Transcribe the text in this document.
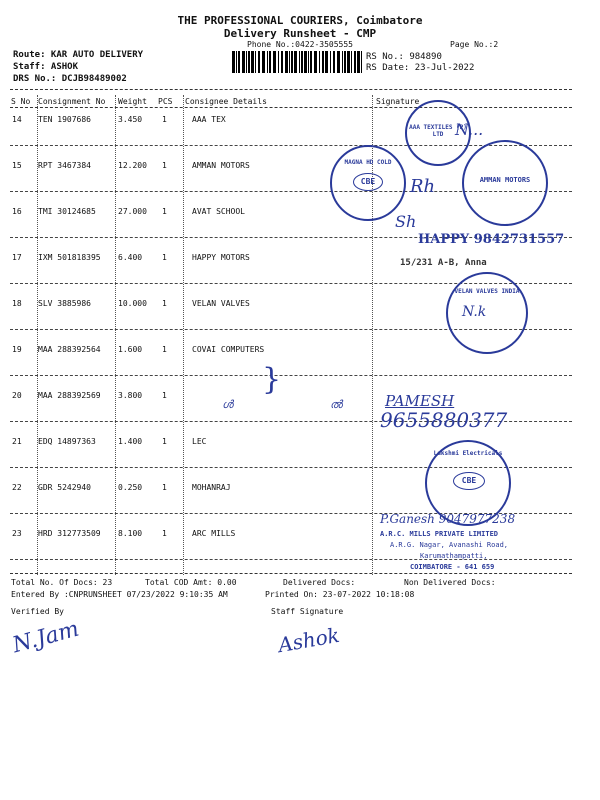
THE PROFESSIONAL COURIERS, Coimbatore
Delivery Runsheet - CMP
Phone No.:0422-3505555	Page No.:2
Route: KAR AUTO DELIVERY
Staff: ASHOK
DRS No.: DCJB98489002
RS No.: 984890
RS Date: 23-Jul-2022
S No Consignment No Weight PCS Consignee Details	Signature
14 TEN 1907686	3.450 1	AAA TEX
15 RPT 3467384	12.200 1	AMMAN MOTORS
16 TMI 30124685	27.000 1	AVAT SCHOOL
17 IXM 501818395 6.400 1	HAPPY MOTORS
18 SLV 3885986	10.000 1	VELAN VALVES
19 MAA 288392564 1.600 1	COVAI COMPUTERS
20 MAA 288392569 3.800 1
21 EDQ 14897363	1.400 1	LEC
22 GDR 5242940	0.250 1	MOHANRAJ
23 HRD 312773509 8.100 1	ARC MILLS
AAA TEXTILES (P) LTD N...
MAGNA HD COLD
CBE	AMMAN MOTORS
Rh
Sh
HAPPY 9842731557
15/231 A-B, Anna
VELAN VALVES INDIA
N.k
}
ൾ	ൽ	PAMESH
9655880377
Lakshmi Electricals
CBE
P.Ganesh 9047977238
A.R.C. MILLS PRIVATE LIMITED
A.R.G. Nagar, Avanashi Road,
Karumathampatti,
COIMBATORE - 641 659
Total No. Of Docs: 23	Total COD Amt: 0.00	Delivered Docs:	Non Delivered Docs:
Entered By :CNPRUNSHEET 07/23/2022 9:10:35 AM	Printed On: 23-07-2022 10:18:08
Verified By	Staff Signature
N.Jam	Ashok
